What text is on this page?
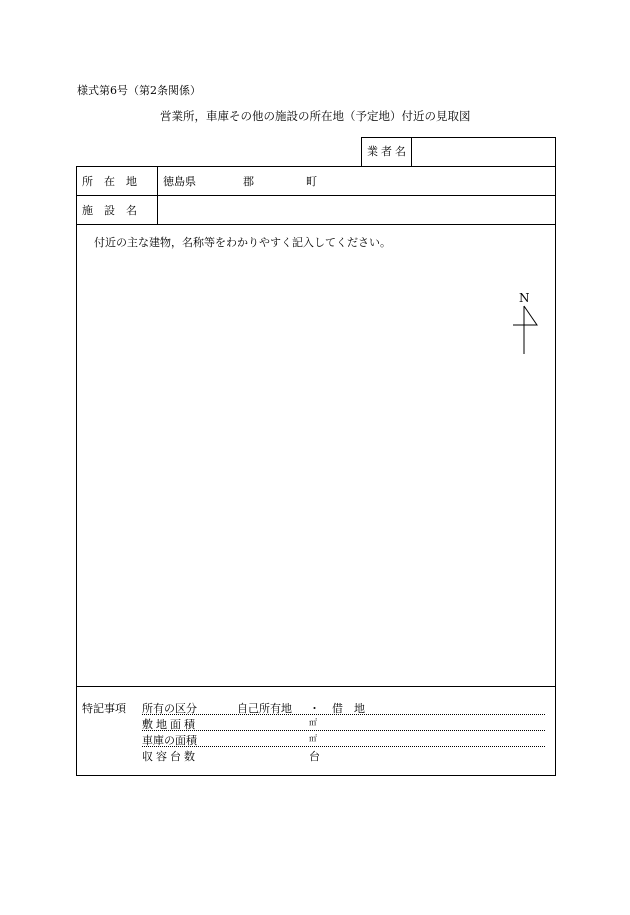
様式第6号（第2条関係）
営業所，車庫その他の施設の所在地（予定地）付近の見取図
業者名
所　在　地 徳島県	郡	町
施　設　名
付近の主な建物，名称等をわかりやすく記入してください。
N
特記事項 所有の区分	自己所有地 ・ 借　地
敷地面積	㎡
車庫の面積	㎡
収容台数	台
